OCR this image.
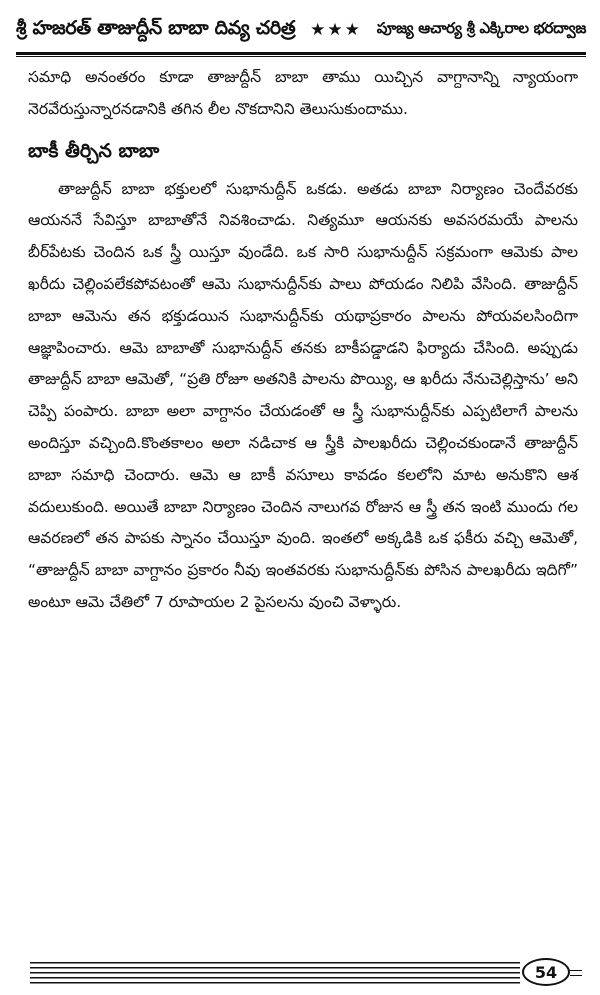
శ్రీ హజరత్ తాజుద్దీన్ బాబా దివ్య చరిత్ర ★★★ పూజ్య ఆచార్య శ్రీ ఎక్కిరాల భరద్వాజ

సమాధి అనంతరం కూడా తాజుద్దీన్ బాబా తాము యిచ్చిన వాగ్దానాన్ని న్యాయంగా నెరవేరుస్తున్నారనడానికి తగిన లీల నొకదానిని తెలుసుకుందాము.

బాకీ తీర్చిన బాబా

తాజుద్దీన్ బాబా భక్తులలో సుభానుద్దీన్ ఒకడు. అతడు బాబా నిర్యాణం చెందేవరకు ఆయననే సేవిస్తూ బాబాతోనే నివశించాడు. నిత్యమూ ఆయనకు అవసరమయే పాలను బీర్‌పేటకు చెందిన ఒక స్త్రీ యిస్తూ వుండేది. ఒక సారి సుభానుద్దీన్ సక్రమంగా ఆమెకు పాల ఖరీదు చెల్లింపలేకపోవటంతో ఆమె సుభానుద్దీన్‌కు పాలు పోయడం నిలిపి వేసింది. తాజుద్దీన్ బాబా ఆమెను తన భక్తుడయిన సుభానుద్దీన్‌కు యథాప్రకారం పాలను పోయవలసిందిగా ఆజ్ఞాపించారు. ఆమె బాబాతో సుభానుద్దీన్ తనకు బాకీపడ్డాడని ఫిర్యాదు చేసింది. అప్పుడు తాజుద్దీన్ బాబా ఆమెతో, “ప్రతి రోజూ అతనికి పాలను పొయ్యి, ఆ ఖరీదు నేనుచెల్లిస్తాను’ అని చెప్పి పంపారు. బాబా అలా వాగ్దానం చేయడంతో ఆ స్త్రీ సుభానుద్దీన్‌కు ఎప్పటిలాగే పాలను అందిస్తూ వచ్చింది.కొంతకాలం అలా నడిచాక ఆ స్త్రీకి పాలఖరీదు చెల్లించకుండానే తాజుద్దీన్ బాబా సమాధి చెందారు. ఆమె ఆ బాకీ వసూలు కావడం కలలోని మాట అనుకొని ఆశ వదులుకుంది. అయితే బాబా నిర్యాణం చెందిన నాలుగవ రోజున ఆ స్త్రీ తన ఇంటి ముందు గల ఆవరణలో తన పాపకు స్నానం చేయిస్తూ వుంది. ఇంతలో అక్కడికి ఒక ఫకీరు వచ్చి ఆమెతో, “తాజుద్దీన్ బాబా వాగ్దానం ప్రకారం నీవు ఇంతవరకు సుభానుద్దీన్‌కు పోసిన పాలఖరీదు ఇదిగో” అంటూ ఆమె చేతిలో 7 రూపాయల 2 పైసలను వుంచి వెళ్ళారు.

54
